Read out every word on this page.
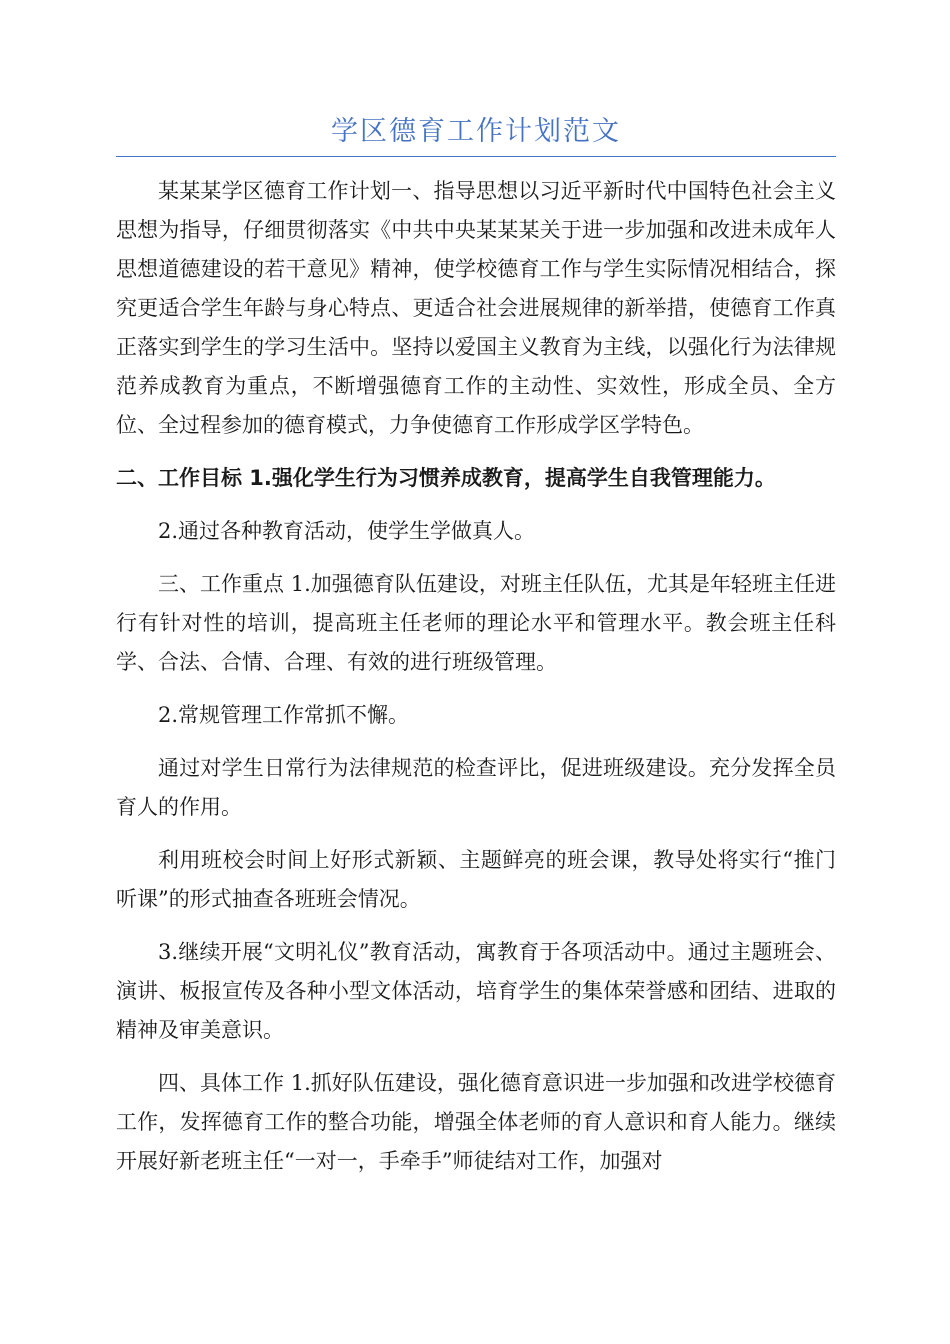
学区德育工作计划范文

某某某学区德育工作计划一、指导思想以习近平新时代中国特色社会主义思想为指导，仔细贯彻落实《中共中央某某某关于进一步加强和改进未成年人思想道德建设的若干意见》精神，使学校德育工作与学生实际情况相结合，探究更适合学生年龄与身心特点、更适合社会进展规律的新举措，使德育工作真正落实到学生的学习生活中。坚持以爱国主义教育为主线，以强化行为法律规范养成教育为重点，不断增强德育工作的主动性、实效性，形成全员、全方位、全过程参加的德育模式，力争使德育工作形成学区学特色。

二、工作目标 1.强化学生行为习惯养成教育，提高学生自我管理能力。

2.通过各种教育活动，使学生学做真人。

三、工作重点 1.加强德育队伍建设，对班主任队伍，尤其是年轻班主任进行有针对性的培训，提高班主任老师的理论水平和管理水平。教会班主任科学、合法、合情、合理、有效的进行班级管理。

2.常规管理工作常抓不懈。

通过对学生日常行为法律规范的检查评比，促进班级建设。充分发挥全员育人的作用。

利用班校会时间上好形式新颖、主题鲜亮的班会课，教导处将实行“推门听课”的形式抽查各班班会情况。

3.继续开展“文明礼仪”教育活动，寓教育于各项活动中。通过主题班会、演讲、板报宣传及各种小型文体活动，培育学生的集体荣誉感和团结、进取的精神及审美意识。

四、具体工作 1.抓好队伍建设，强化德育意识进一步加强和改进学校德育工作，发挥德育工作的整合功能，增强全体老师的育人意识和育人能力。继续开展好新老班主任“一对一，手牵手”师徒结对工作，加强对
